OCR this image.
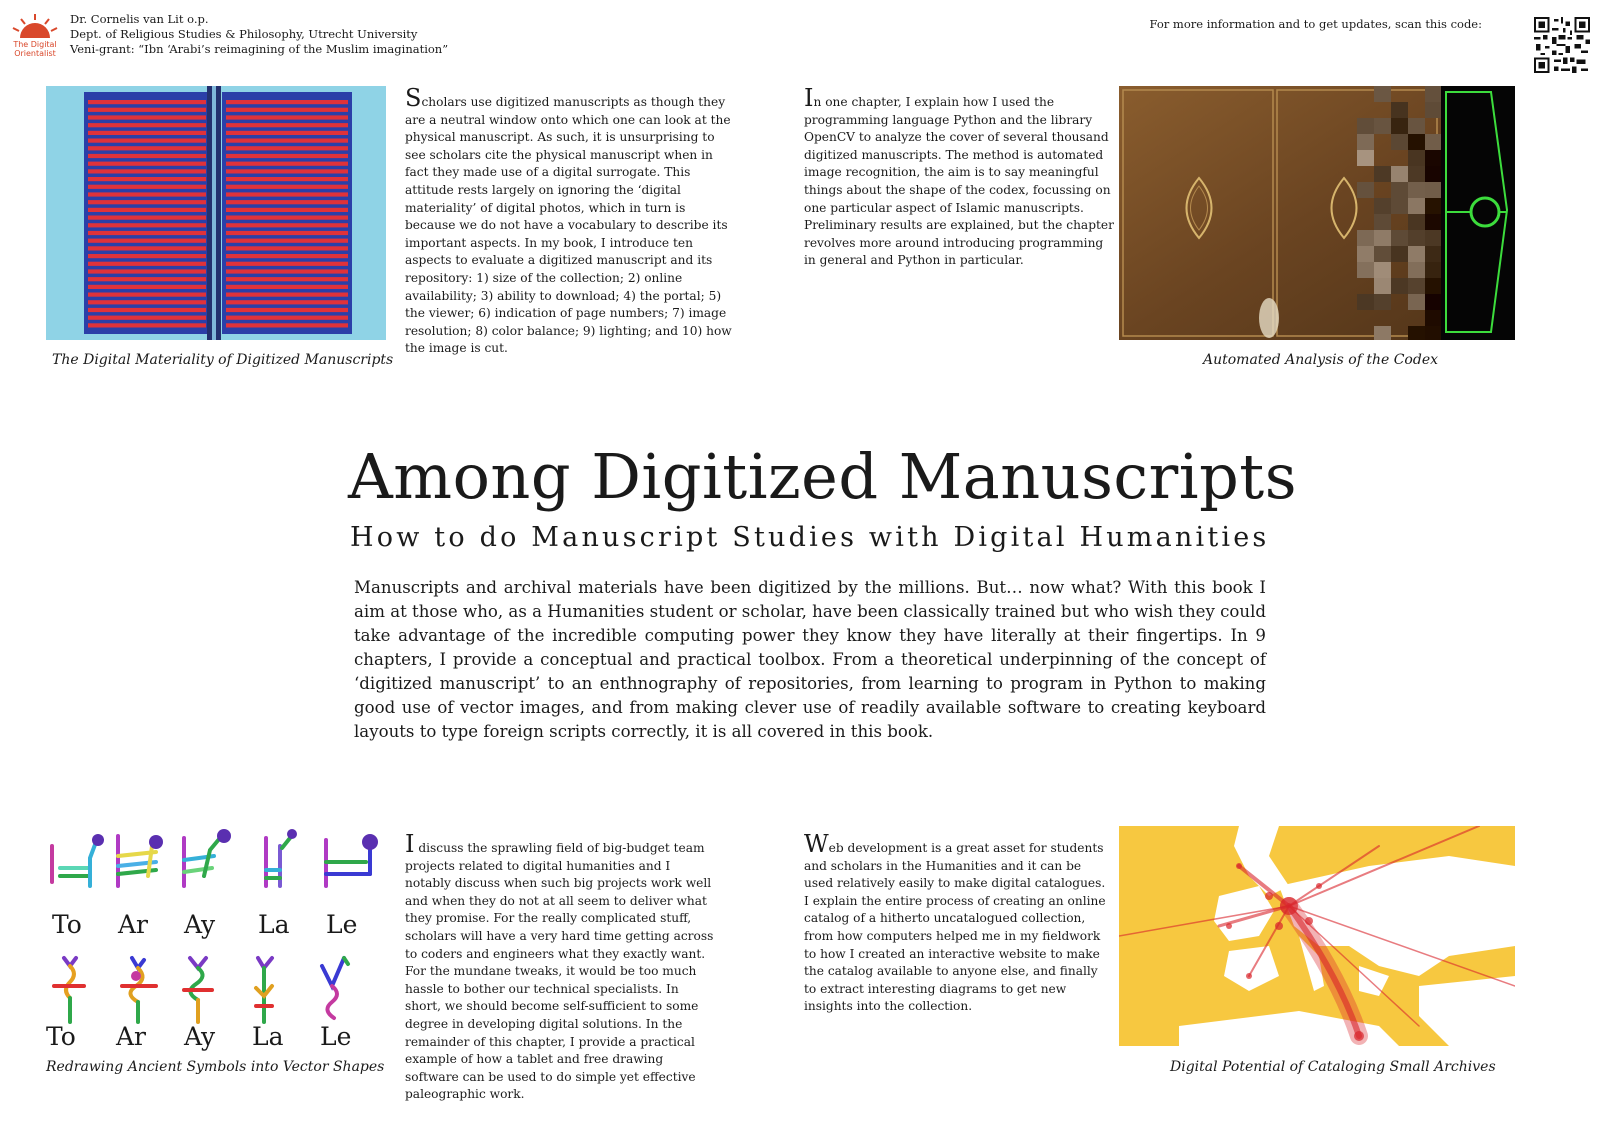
The Digital
Orientalist
Dr. Cornelis van Lit o.p.
Dept. of Religious Studies & Philosophy, Utrecht University
Veni-grant: “Ibn ‘Arabi’s reimagining of the Muslim imagination”
For more information and to get updates, scan this code:
The Digital Materiality of Digitized Manuscripts
Scholars use digitized manuscripts as though they are a neutral window onto which one can look at the physical manuscript. As such, it is unsurprising to see scholars cite the physical manuscript when in fact they made use of a digital surrogate. This attitude rests largely on ignoring the ‘digital materiality’ of digital photos, which in turn is because we do not have a vocabulary to describe its important aspects. In my book, I introduce ten aspects to evaluate a digitized manuscript and its repository: 1) size of the collection; 2) online availability; 3) ability to download; 4) the portal; 5) the viewer; 6) indication of page numbers; 7) image resolution; 8) color balance; 9) lighting; and 10) how the image is cut.
In one chapter, I explain how I used the programming language Python and the library OpenCV to analyze the cover of several thousand digitized manuscripts. The method is automated image recognition, the aim is to say meaningful things about the shape of the codex, focussing on one particular aspect of Islamic manuscripts. Preliminary results are explained, but the chapter revolves more around introducing programming in general and Python in particular.
Automated Analysis of the Codex
Among Digitized Manuscripts
How to do Manuscript Studies with Digital Humanities
Manuscripts and archival materials have been digitized by the millions. But… now what? With this book I aim at those who, as a Humanities student or scholar, have been classically trained but who wish they could take advantage of the incredible computing power they know they have literally at their fingertips. In 9 chapters, I provide a conceptual and practical toolbox. From a theoretical underpinning of the concept of ‘digitized manuscript’ to an enthnography of repositories, from learning to program in Python to making good use of vector images, and from making clever use of readily available software to creating keyboard layouts to type foreign scripts correctly, it is all covered in this book.
To Ar Ay La Le
To Ar Ay La Le
Redrawing Ancient Symbols into Vector Shapes
I discuss the sprawling field of big-budget team projects related to digital humanities and I notably discuss when such big projects work well and when they do not at all seem to deliver what they promise. For the really complicated stuff, scholars will have a very hard time getting across to coders and engineers what they exactly want. For the mundane tweaks, it would be too much hassle to bother our technical specialists. In short, we should become self-sufficient to some degree in developing digital solutions. In the remainder of this chapter, I provide a practical example of how a tablet and free drawing software can be used to do simple yet effective paleographic work.
Web development is a great asset for students and scholars in the Humanities and it can be used relatively easily to make digital catalogues. I explain the entire process of creating an online catalog of a hitherto uncatalogued collection, from how computers helped me in my fieldwork to how I created an interactive website to make the catalog available to anyone else, and finally to extract interesting diagrams to get new insights into the collection.
Digital Potential of Cataloging Small Archives
